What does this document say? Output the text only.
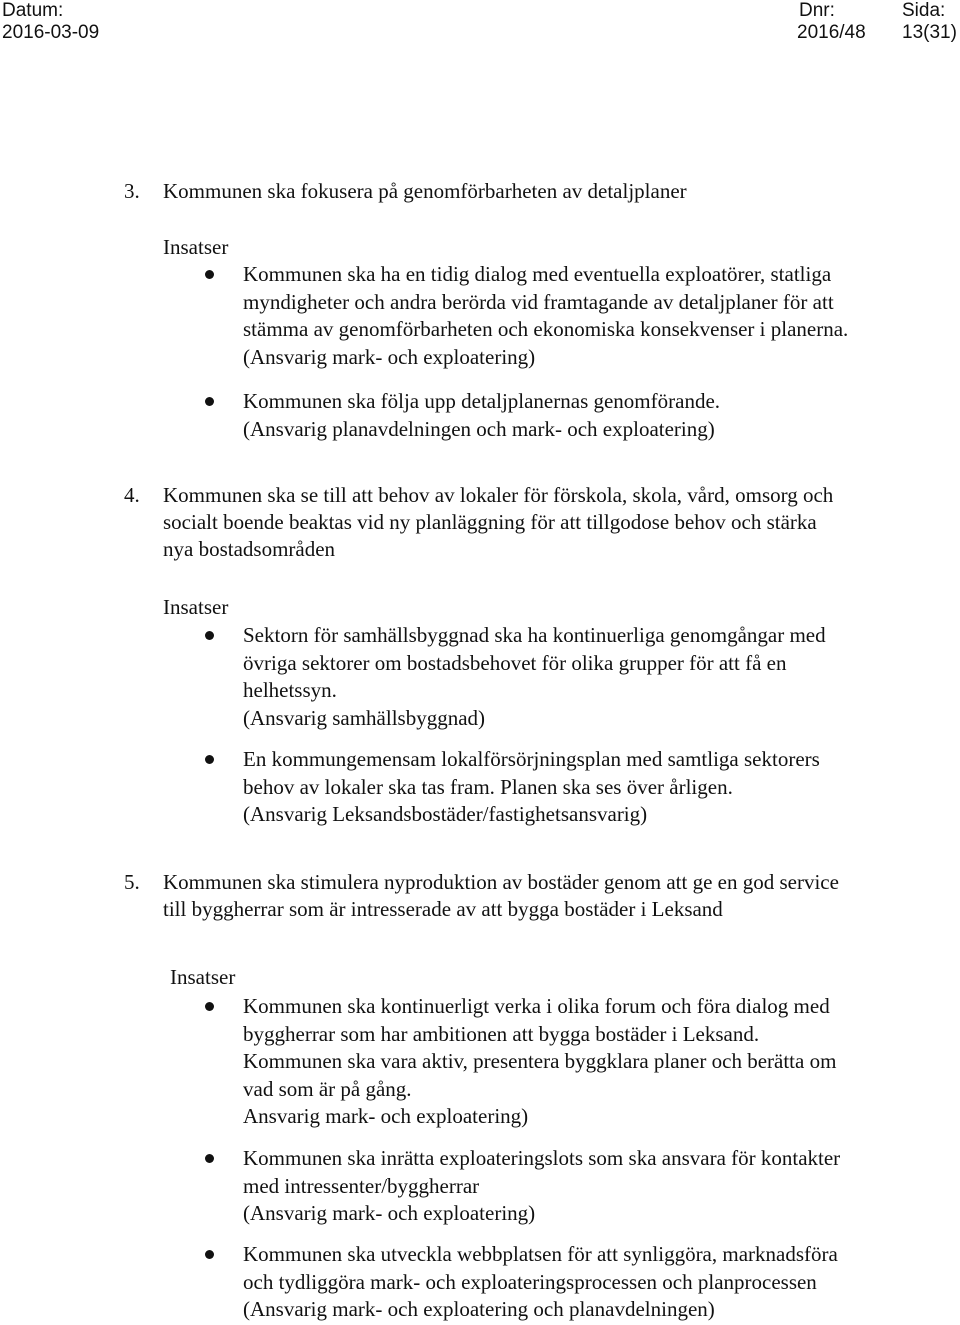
Datum:
2016-03-09
Dnr:
2016/48
Sida:
13(31)
3. Kommunen ska fokusera på genomförbarheten av detaljplaner
Insatser
Kommunen ska ha en tidig dialog med eventuella exploatörer, statliga
myndigheter och andra berörda vid framtagande av detaljplaner för att
stämma av genomförbarheten och ekonomiska konsekvenser i planerna.
(Ansvarig mark- och exploatering)
Kommunen ska följa upp detaljplanernas genomförande.
(Ansvarig planavdelningen och mark- och exploatering)
4. Kommunen ska se till att behov av lokaler för förskola, skola, vård, omsorg och
socialt boende beaktas vid ny planläggning för att tillgodose behov och stärka
nya bostadsområden
Insatser
Sektorn för samhällsbyggnad ska ha kontinuerliga genomgångar med
övriga sektorer om bostadsbehovet för olika grupper för att få en
helhetssyn.
(Ansvarig samhällsbyggnad)
En kommungemensam lokalförsörjningsplan med samtliga sektorers
behov av lokaler ska tas fram. Planen ska ses över årligen.
(Ansvarig Leksandsbostäder/fastighetsansvarig)
5. Kommunen ska stimulera nyproduktion av bostäder genom att ge en god service
till byggherrar som är intresserade av att bygga bostäder i Leksand
Insatser
Kommunen ska kontinuerligt verka i olika forum och föra dialog med
byggherrar som har ambitionen att bygga bostäder i Leksand.
Kommunen ska vara aktiv, presentera byggklara planer och berätta om
vad som är på gång.
Ansvarig mark- och exploatering)
Kommunen ska inrätta exploateringslots som ska ansvara för kontakter
med intressenter/byggherrar
(Ansvarig mark- och exploatering)
Kommunen ska utveckla webbplatsen för att synliggöra, marknadsföra
och tydliggöra mark- och exploateringsprocessen och planprocessen
(Ansvarig mark- och exploatering och planavdelningen)
